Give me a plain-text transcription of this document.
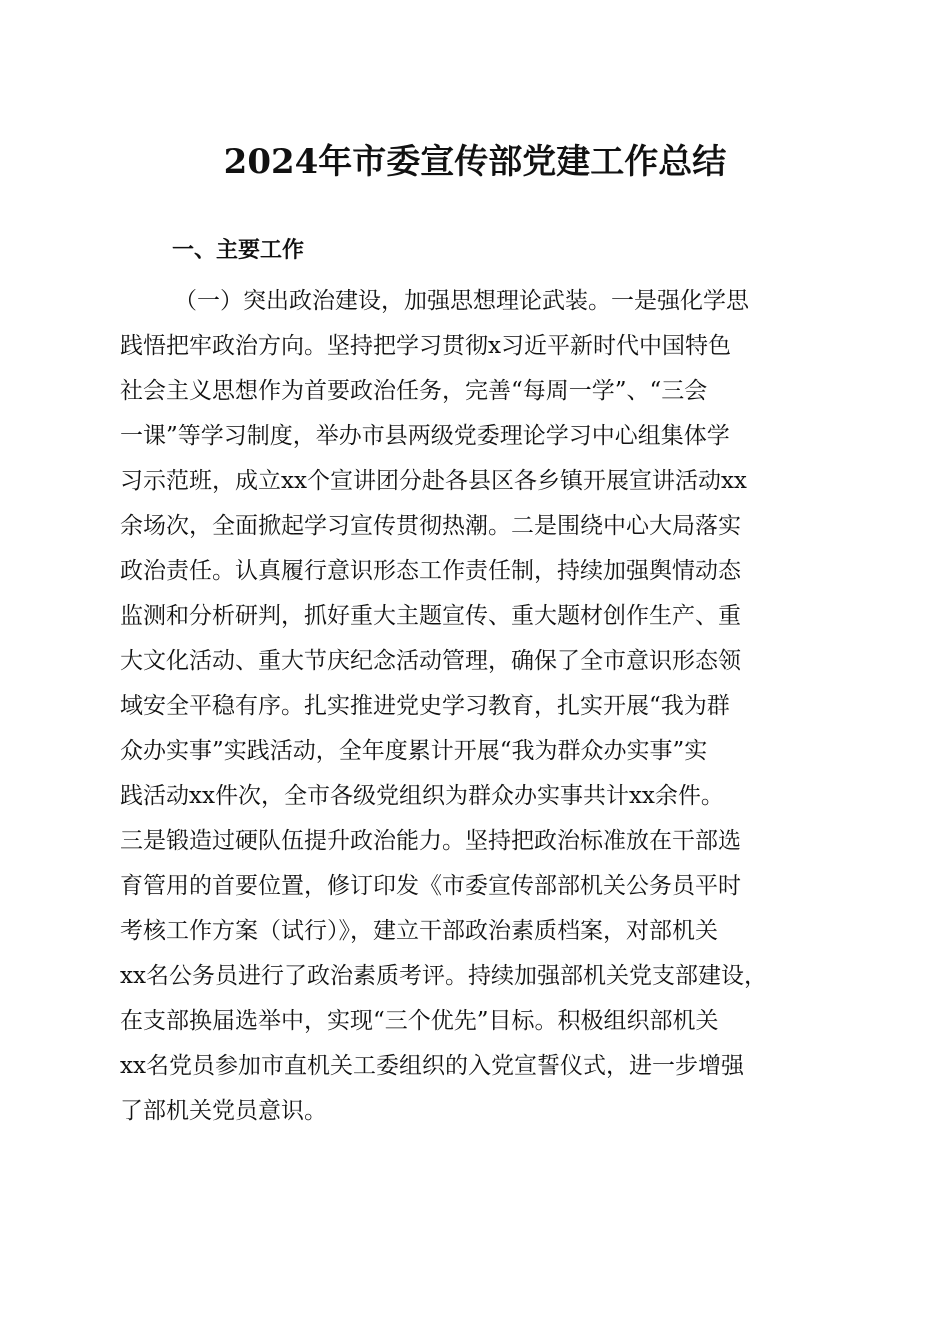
2024年市委宣传部党建工作总结
一、主要工作
（一）突出政治建设，加强思想理论武装。一是强化学思
践悟把牢政治方向。坚持把学习贯彻x习近平新时代中国特色
社会主义思想作为首要政治任务，完善“每周一学”、“三会
一课”等学习制度，举办市县两级党委理论学习中心组集体学
习示范班，成立xx个宣讲团分赴各县区各乡镇开展宣讲活动xx
余场次，全面掀起学习宣传贯彻热潮。二是围绕中心大局落实
政治责任。认真履行意识形态工作责任制，持续加强舆情动态
监测和分析研判，抓好重大主题宣传、重大题材创作生产、重
大文化活动、重大节庆纪念活动管理，确保了全市意识形态领
域安全平稳有序。扎实推进党史学习教育，扎实开展“我为群
众办实事”实践活动，全年度累计开展“我为群众办实事”实
践活动xx件次，全市各级党组织为群众办实事共计xx余件。
三是锻造过硬队伍提升政治能力。坚持把政治标准放在干部选
育管用的首要位置，修订印发《市委宣传部部机关公务员平时
考核工作方案（试行）》，建立干部政治素质档案，对部机关
xx名公务员进行了政治素质考评。持续加强部机关党支部建设，
在支部换届选举中，实现“三个优先”目标。积极组织部机关
xx名党员参加市直机关工委组织的入党宣誓仪式，进一步增强
了部机关党员意识。
